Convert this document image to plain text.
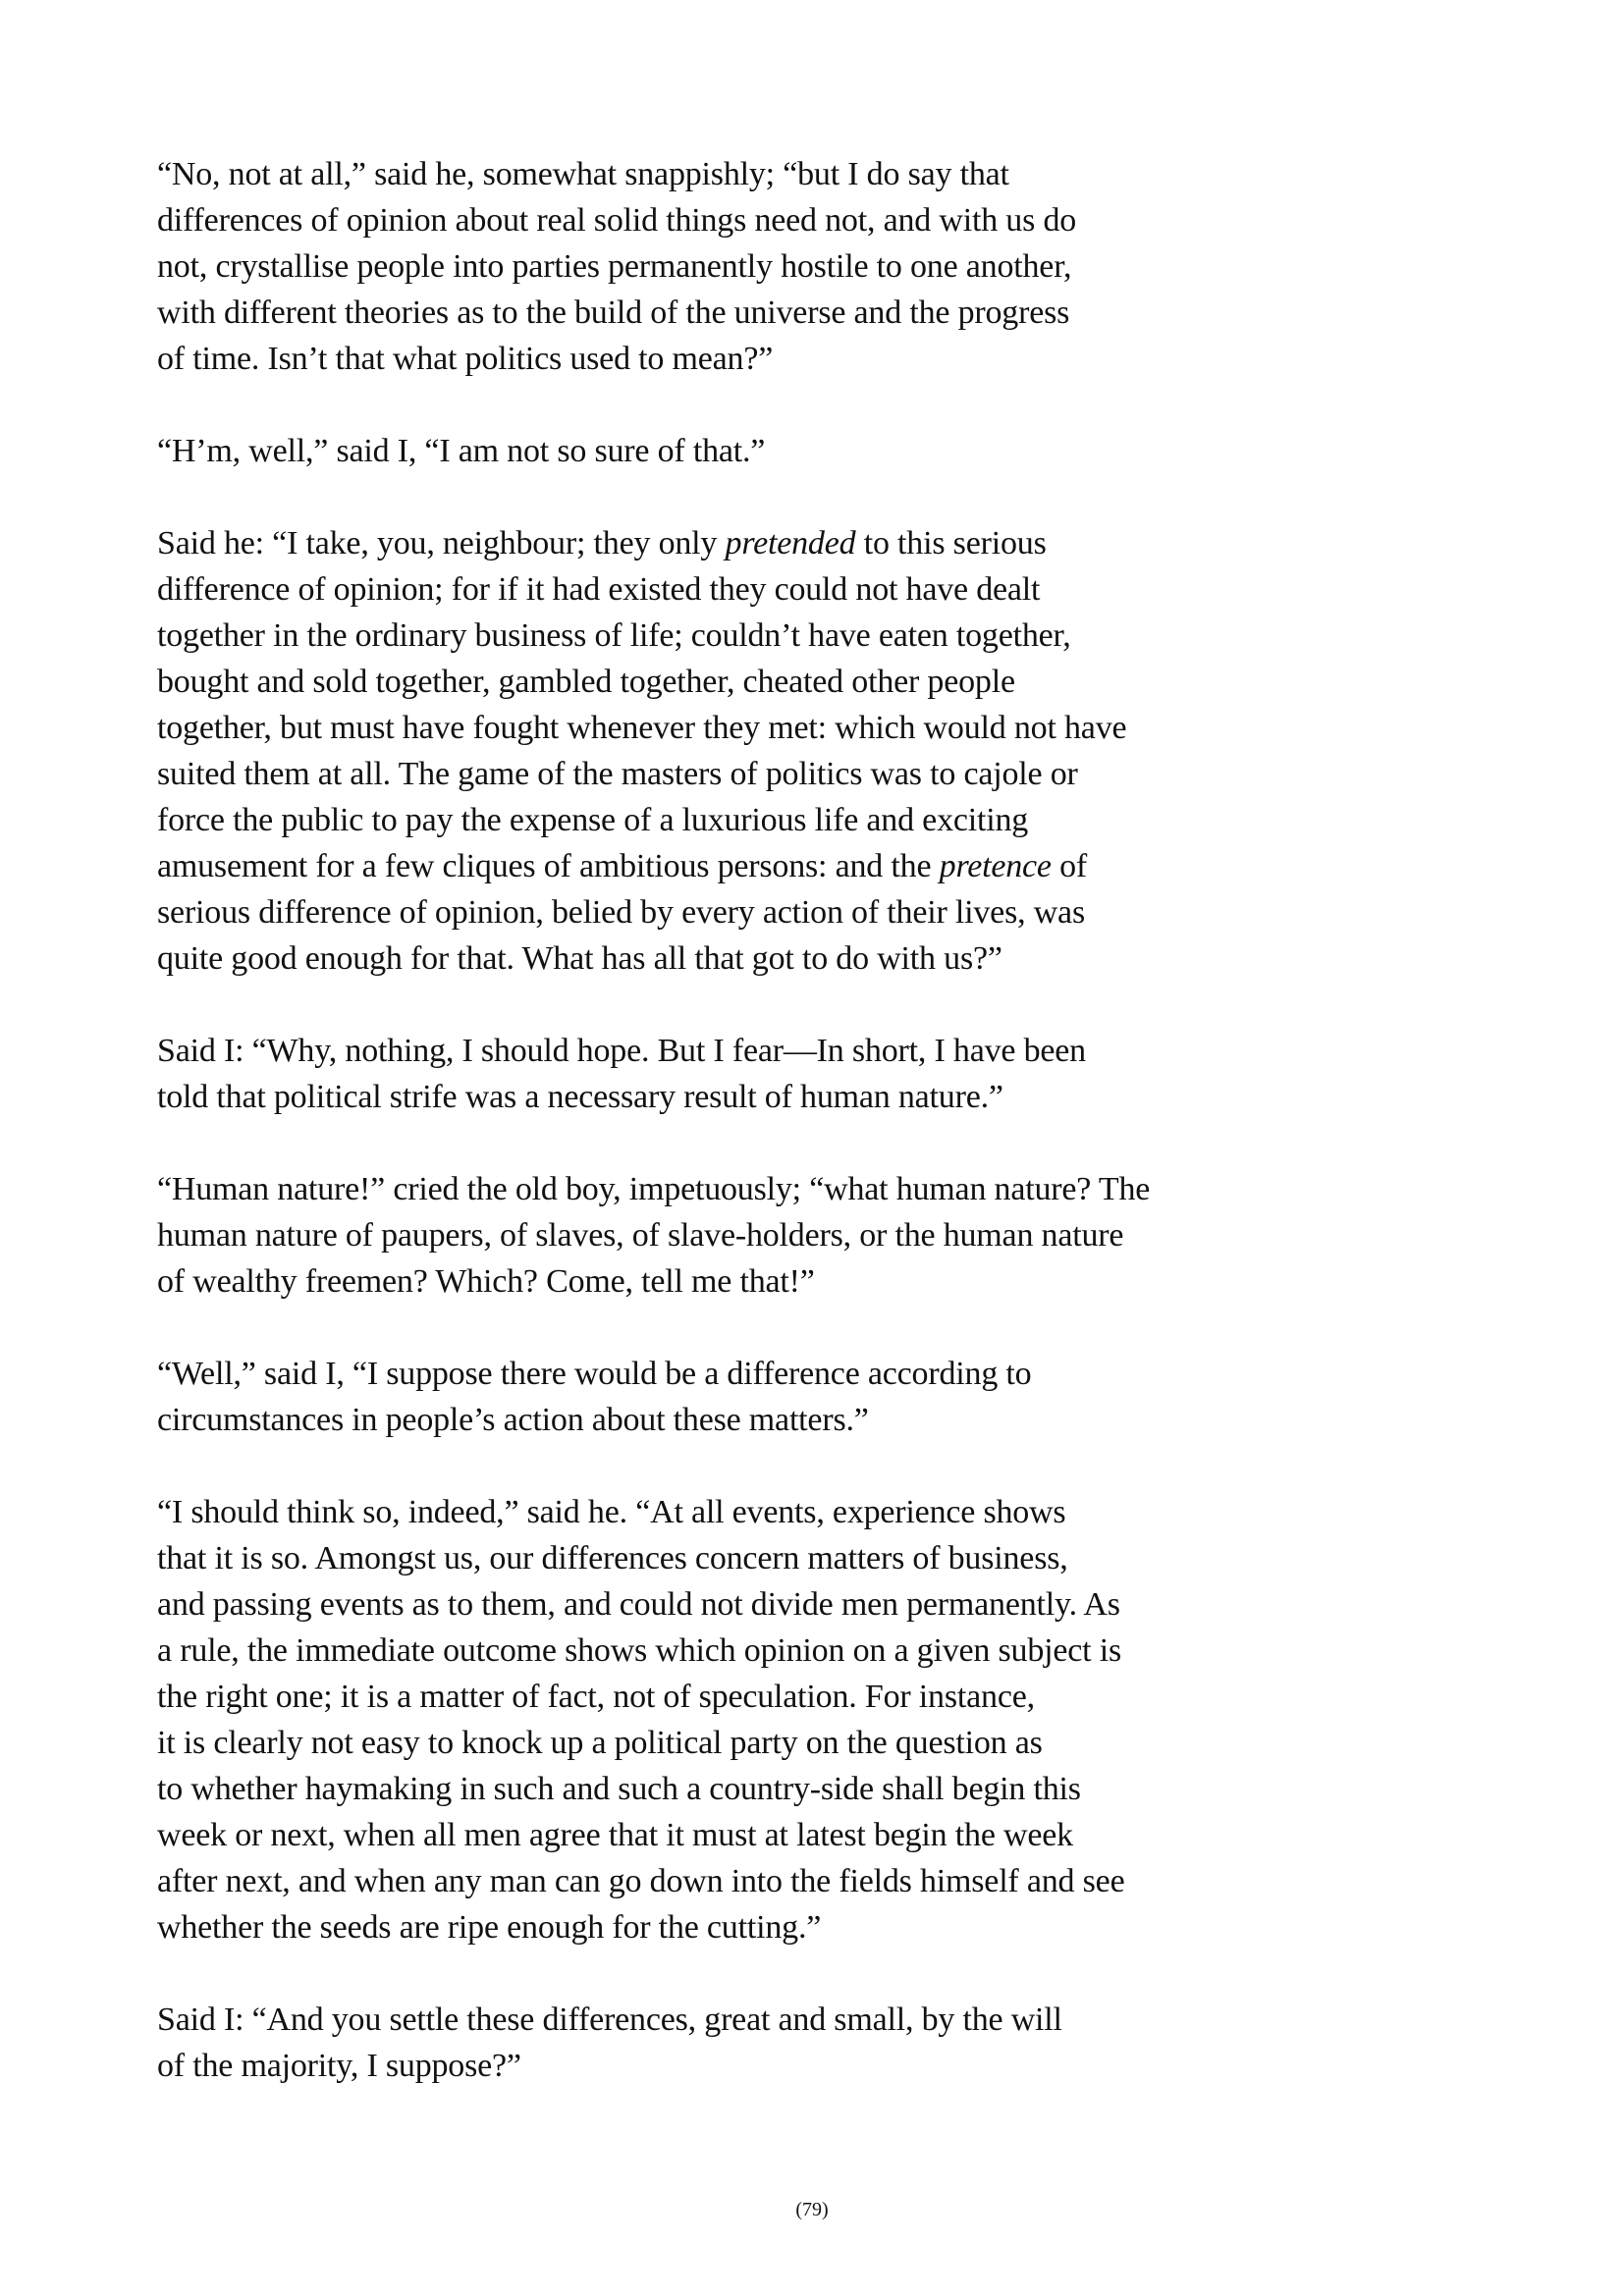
“No, not at all,” said he, somewhat snappishly; “but I do say that
differences of opinion about real solid things need not, and with us do
not, crystallise people into parties permanently hostile to one another,
with different theories as to the build of the universe and the progress
of time. Isn’t that what politics used to mean?”
“H’m, well,” said I, “I am not so sure of that.”
Said he: “I take, you, neighbour; they only pretended to this serious
difference of opinion; for if it had existed they could not have dealt
together in the ordinary business of life; couldn’t have eaten together,
bought and sold together, gambled together, cheated other people
together, but must have fought whenever they met: which would not have
suited them at all. The game of the masters of politics was to cajole or
force the public to pay the expense of a luxurious life and exciting
amusement for a few cliques of ambitious persons: and the pretence of
serious difference of opinion, belied by every action of their lives, was
quite good enough for that. What has all that got to do with us?”
Said I: “Why, nothing, I should hope. But I fear—In short, I have been
told that political strife was a necessary result of human nature.”
“Human nature!” cried the old boy, impetuously; “what human nature? The
human nature of paupers, of slaves, of slave-holders, or the human nature
of wealthy freemen? Which? Come, tell me that!”
“Well,” said I, “I suppose there would be a difference according to
circumstances in people’s action about these matters.”
“I should think so, indeed,” said he. “At all events, experience shows
that it is so. Amongst us, our differences concern matters of business,
and passing events as to them, and could not divide men permanently. As
a rule, the immediate outcome shows which opinion on a given subject is
the right one; it is a matter of fact, not of speculation. For instance,
it is clearly not easy to knock up a political party on the question as
to whether haymaking in such and such a country-side shall begin this
week or next, when all men agree that it must at latest begin the week
after next, and when any man can go down into the fields himself and see
whether the seeds are ripe enough for the cutting.”
Said I: “And you settle these differences, great and small, by the will
of the majority, I suppose?”
(79)
